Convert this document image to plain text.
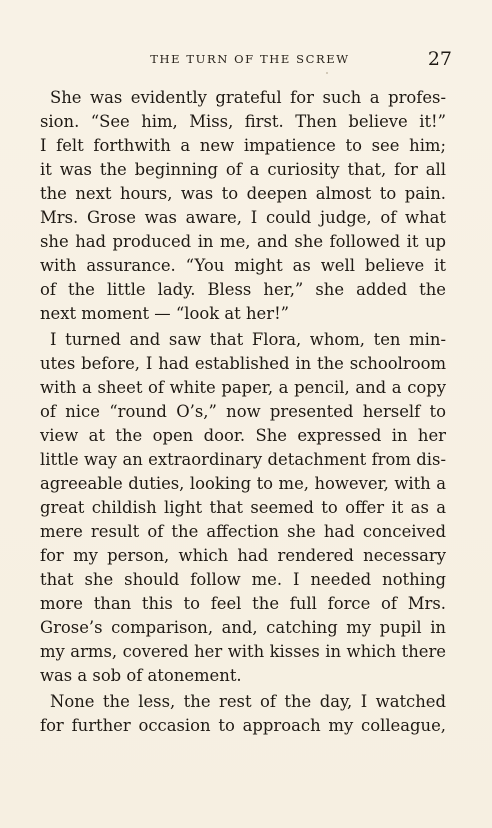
THE TURN OF THE SCREW	27
She was evidently grateful for such a profes-
sion. “See him, Miss, first. Then believe it!”
I felt forthwith a new impatience to see him;
it was the beginning of a curiosity that, for all
the next hours, was to deepen almost to pain.
Mrs. Grose was aware, I could judge, of what
she had produced in me, and she followed it up
with assurance. “You might as well believe it
of the little lady. Bless her,” she added the
next moment — “look at her!”
I turned and saw that Flora, whom, ten min-
utes before, I had established in the schoolroom
with a sheet of white paper, a pencil, and a copy
of nice “round O’s,” now presented herself to
view at the open door. She expressed in her
little way an extraordinary detachment from dis-
agreeable duties, looking to me, however, with a
great childish light that seemed to offer it as a
mere result of the affection she had conceived
for my person, which had rendered necessary
that she should follow me. I needed nothing
more than this to feel the full force of Mrs.
Grose’s comparison, and, catching my pupil in
my arms, covered her with kisses in which there
was a sob of atonement.
None the less, the rest of the day, I watched
for further occasion to approach my colleague,
